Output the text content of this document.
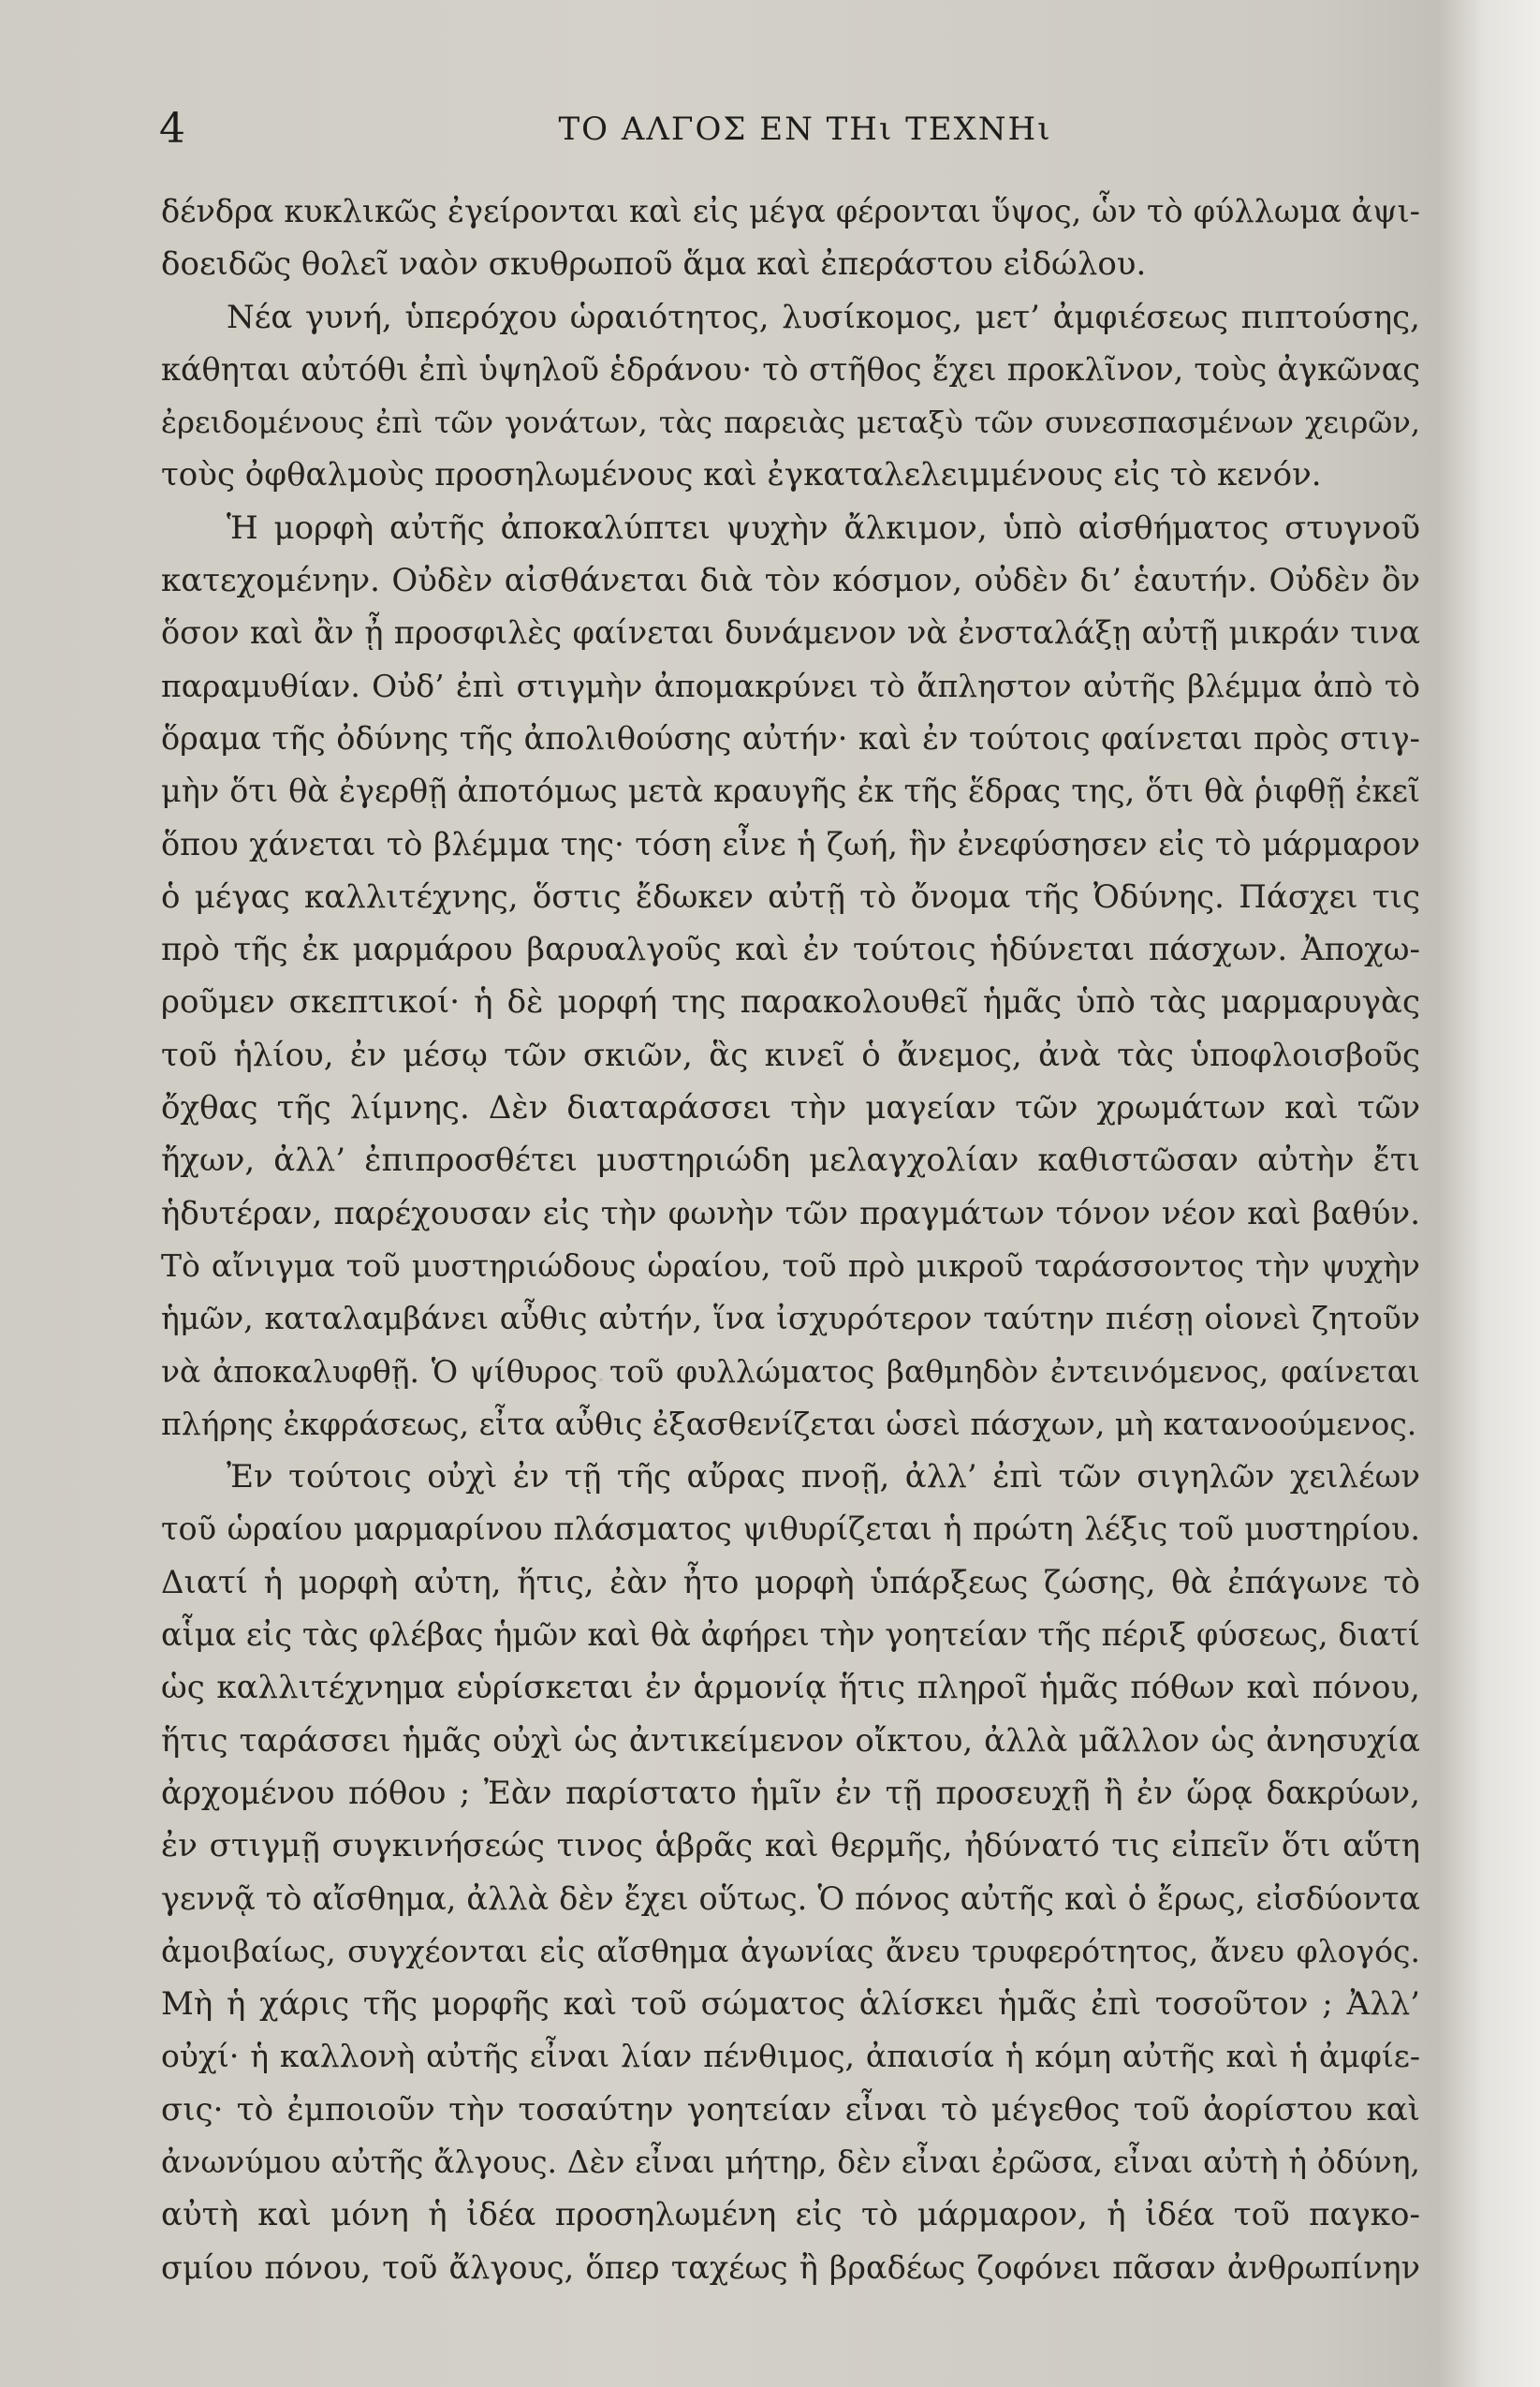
4	ΤΟ ΑΛΓΟΣ ΕΝ ΤΗι ΤΕΧΝΗι
δένδρα κυκλικῶς ἐγείρονται καὶ εἰς μέγα φέρονται ὕψος, ὧν τὸ φύλλωμα ἀψι-
δοειδῶς θολεῖ ναὸν σκυθρωποῦ ἅμα καὶ ἐπεράστου εἰδώλου.
Νέα γυνή, ὑπερόχου ὡραιότητος, λυσίκομος, μετ’ ἀμφιέσεως πιπτούσης,
κάθηται αὐτόθι ἐπὶ ὑψηλοῦ ἑδράνου· τὸ στῆθος ἔχει προκλῖνον, τοὺς ἀγκῶνας
ἐρειδομένους ἐπὶ τῶν γονάτων, τὰς παρειὰς μεταξὺ τῶν συνεσπασμένων χειρῶν,
τοὺς ὀφθαλμοὺς προσηλωμένους καὶ ἐγκαταλελειμμένους εἰς τὸ κενόν.
Ἡ μορφὴ αὐτῆς ἀποκαλύπτει ψυχὴν ἄλκιμον, ὑπὸ αἰσθήματος στυγνοῦ
κατεχομένην. Οὐδὲν αἰσθάνεται διὰ τὸν κόσμον, οὐδὲν δι’ ἑαυτήν. Οὐδὲν ὂν
ὅσον καὶ ἂν ᾖ προσφιλὲς φαίνεται δυνάμενον νὰ ἐνσταλάξῃ αὐτῇ μικράν τινα
παραμυθίαν. Οὐδ’ ἐπὶ στιγμὴν ἀπομακρύνει τὸ ἄπληστον αὐτῆς βλέμμα ἀπὸ τὸ
ὅραμα τῆς ὀδύνης τῆς ἀπολιθούσης αὐτήν· καὶ ἐν τούτοις φαίνεται πρὸς στιγ-
μὴν ὅτι θὰ ἐγερθῇ ἀποτόμως μετὰ κραυγῆς ἐκ τῆς ἕδρας της, ὅτι θὰ ῥιφθῇ ἐκεῖ
ὅπου χάνεται τὸ βλέμμα της· τόση εἶνε ἡ ζωή, ἣν ἐνεφύσησεν εἰς τὸ μάρμαρον
ὁ μέγας καλλιτέχνης, ὅστις ἔδωκεν αὐτῇ τὸ ὄνομα τῆς Ὀδύνης. Πάσχει τις
πρὸ τῆς ἐκ μαρμάρου βαρυαλγοῦς καὶ ἐν τούτοις ἡδύνεται πάσχων. Ἀποχω-
ροῦμεν σκεπτικοί· ἡ δὲ μορφή της παρακολουθεῖ ἡμᾶς ὑπὸ τὰς μαρμαρυγὰς
τοῦ ἡλίου, ἐν μέσῳ τῶν σκιῶν, ἃς κινεῖ ὁ ἄνεμος, ἀνὰ τὰς ὑποφλοισβοῦς
ὄχθας τῆς λίμνης. Δὲν διαταράσσει τὴν μαγείαν τῶν χρωμάτων καὶ τῶν
ἤχων, ἀλλ’ ἐπιπροσθέτει μυστηριώδη μελαγχολίαν καθιστῶσαν αὐτὴν ἔτι
ἡδυτέραν, παρέχουσαν εἰς τὴν φωνὴν τῶν πραγμάτων τόνον νέον καὶ βαθύν.
Τὸ αἴνιγμα τοῦ μυστηριώδους ὡραίου, τοῦ πρὸ μικροῦ ταράσσοντος τὴν ψυχὴν
ἡμῶν, καταλαμβάνει αὖθις αὐτήν, ἵνα ἰσχυρότερον ταύτην πιέσῃ οἱονεὶ ζητοῦν
νὰ ἀποκαλυφθῇ. Ὁ ψίθυρος τοῦ φυλλώματος βαθμηδὸν ἐντεινόμενος, φαίνεται
πλήρης ἐκφράσεως, εἶτα αὖθις ἐξασθενίζεται ὡσεὶ πάσχων, μὴ κατανοούμενος.
Ἐν τούτοις οὐχὶ ἐν τῇ τῆς αὔρας πνοῇ, ἀλλ’ ἐπὶ τῶν σιγηλῶν χειλέων
τοῦ ὡραίου μαρμαρίνου πλάσματος ψιθυρίζεται ἡ πρώτη λέξις τοῦ μυστηρίου.
Διατί ἡ μορφὴ αὐτη, ἥτις, ἐὰν ἦτο μορφὴ ὑπάρξεως ζώσης, θὰ ἐπάγωνε τὸ
αἷμα εἰς τὰς φλέβας ἡμῶν καὶ θὰ ἀφήρει τὴν γοητείαν τῆς πέριξ φύσεως, διατί
ὡς καλλιτέχνημα εὑρίσκεται ἐν ἁρμονίᾳ ἥτις πληροῖ ἡμᾶς πόθων καὶ πόνου,
ἥτις ταράσσει ἡμᾶς οὐχὶ ὡς ἀντικείμενον οἴκτου, ἀλλὰ μᾶλλον ὡς ἀνησυχία
ἀρχομένου πόθου ; Ἐὰν παρίστατο ἡμῖν ἐν τῇ προσευχῇ ἢ ἐν ὥρᾳ δακρύων,
ἐν στιγμῇ συγκινήσεώς τινος ἁβρᾶς καὶ θερμῆς, ἠδύνατό τις εἰπεῖν ὅτι αὕτη
γεννᾷ τὸ αἴσθημα, ἀλλὰ δὲν ἔχει οὕτως. Ὁ πόνος αὐτῆς καὶ ὁ ἔρως, εἰσδύοντα
ἀμοιβαίως, συγχέονται εἰς αἴσθημα ἀγωνίας ἄνευ τρυφερότητος, ἄνευ φλογός.
Μὴ ἡ χάρις τῆς μορφῆς καὶ τοῦ σώματος ἁλίσκει ἡμᾶς ἐπὶ τοσοῦτον ; Ἀλλ’
οὐχί· ἡ καλλονὴ αὐτῆς εἶναι λίαν πένθιμος, ἀπαισία ἡ κόμη αὐτῆς καὶ ἡ ἀμφίε-
σις· τὸ ἐμποιοῦν τὴν τοσαύτην γοητείαν εἶναι τὸ μέγεθος τοῦ ἀορίστου καὶ
ἀνωνύμου αὐτῆς ἄλγους. Δὲν εἶναι μήτηρ, δὲν εἶναι ἐρῶσα, εἶναι αὐτὴ ἡ ὀδύνη,
αὐτὴ καὶ μόνη ἡ ἰδέα προσηλωμένη εἰς τὸ μάρμαρον, ἡ ἰδέα τοῦ παγκο-
σμίου πόνου, τοῦ ἄλγους, ὅπερ ταχέως ἢ βραδέως ζοφόνει πᾶσαν ἀνθρωπίνην
